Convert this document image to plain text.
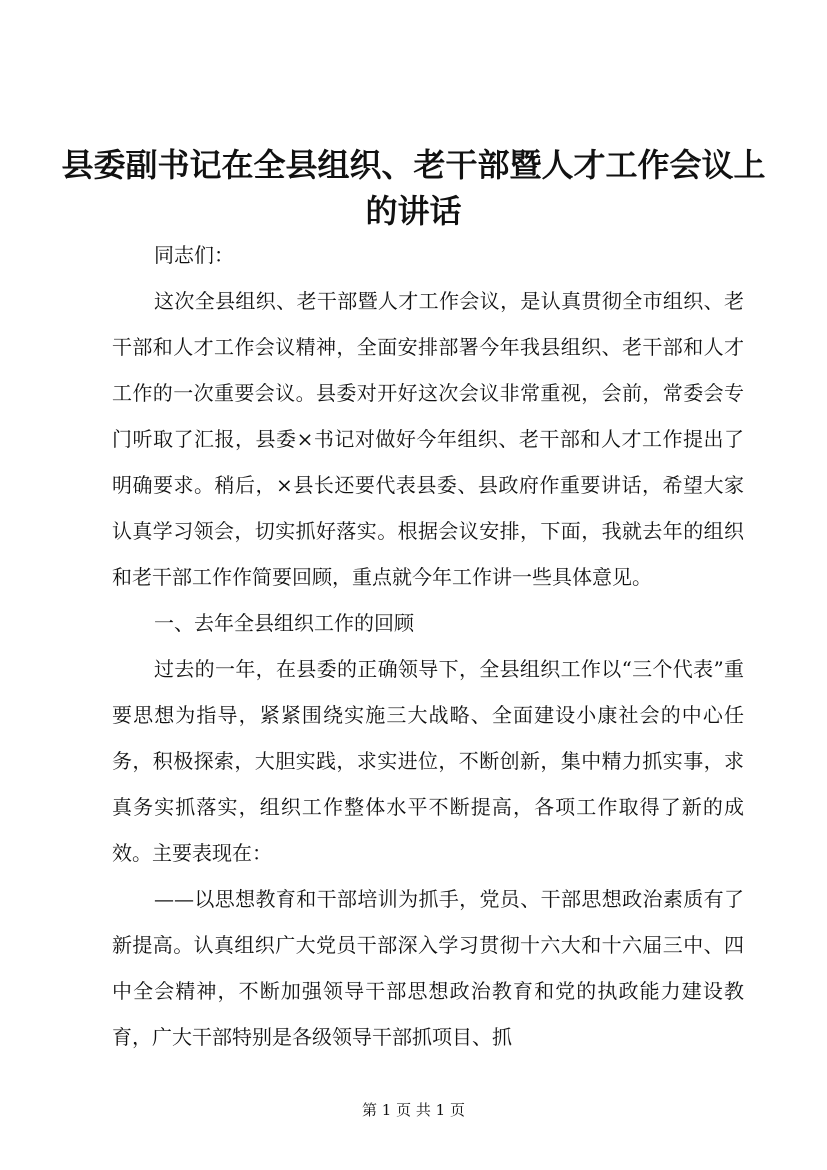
县委副书记在全县组织、老干部暨人才工作会议上的讲话

同志们：

这次全县组织、老干部暨人才工作会议，是认真贯彻全市组织、老干部和人才工作会议精神，全面安排部署今年我县组织、老干部和人才工作的一次重要会议。县委对开好这次会议非常重视，会前，常委会专门听取了汇报，县委×书记对做好今年组织、老干部和人才工作提出了明确要求。稍后，×县长还要代表县委、县政府作重要讲话，希望大家认真学习领会，切实抓好落实。根据会议安排，下面，我就去年的组织和老干部工作作简要回顾，重点就今年工作讲一些具体意见。

一、去年全县组织工作的回顾

过去的一年，在县委的正确领导下，全县组织工作以“三个代表”重要思想为指导，紧紧围绕实施三大战略、全面建设小康社会的中心任务，积极探索，大胆实践，求实进位，不断创新，集中精力抓实事，求真务实抓落实，组织工作整体水平不断提高，各项工作取得了新的成效。主要表现在：

——以思想教育和干部培训为抓手，党员、干部思想政治素质有了新提高。认真组织广大党员干部深入学习贯彻十六大和十六届三中、四中全会精神，不断加强领导干部思想政治教育和党的执政能力建设教育，广大干部特别是各级领导干部抓项目、抓

第 1 页 共 1 页
